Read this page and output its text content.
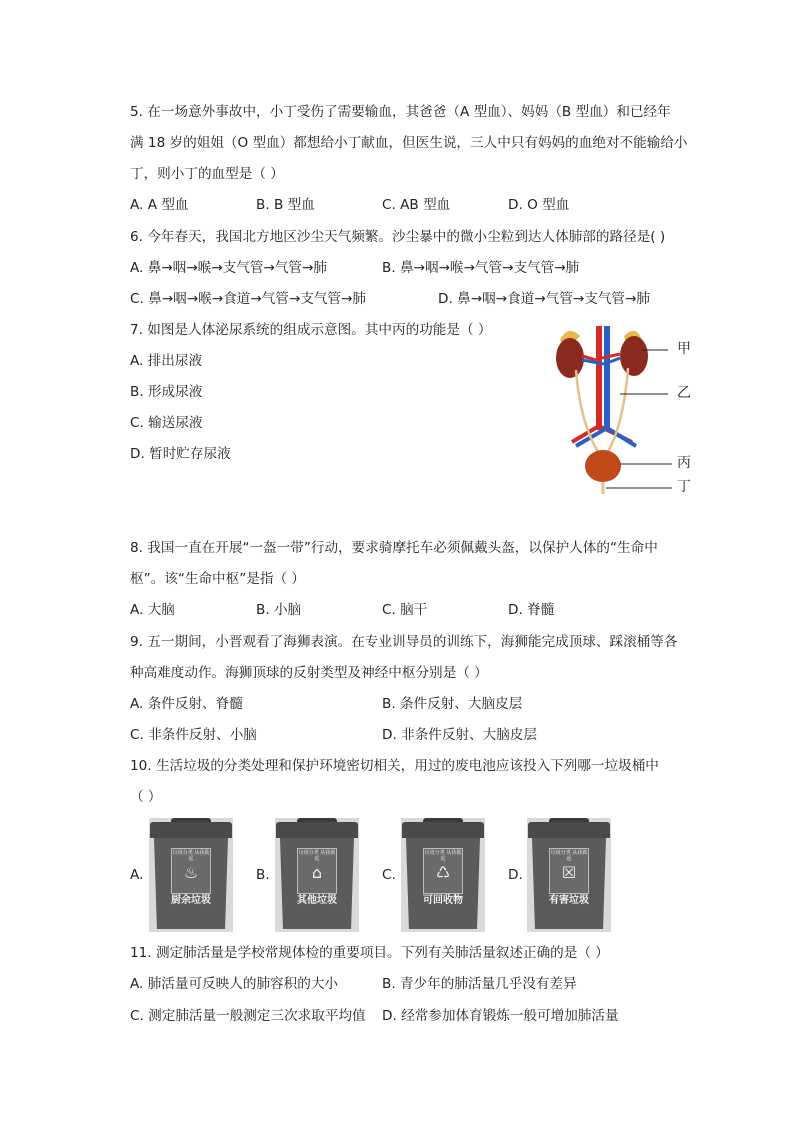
5. 在一场意外事故中，小丁受伤了需要输血，其爸爸（A 型血）、妈妈（B 型血）和已经年
满 18 岁的姐姐（O 型血）都想给小丁献血，但医生说，三人中只有妈妈的血绝对不能输给小
丁，则小丁的血型是（ ）
A. A 型血	B. B 型血	C. AB 型血	D. O 型血
6. 今年春天，我国北方地区沙尘天气频繁。沙尘暴中的微小尘粒到达人体肺部的路径是( )
A. 鼻→咽→喉→支气管→气管→肺	B. 鼻→咽→喉→气管→支气管→肺
C. 鼻→咽→喉→食道→气管→支气管→肺	D. 鼻→咽→食道→气管→支气管→肺
7. 如图是人体泌尿系统的组成示意图。其中丙的功能是（ ）
A. 排出尿液
B. 形成尿液
C. 输送尿液
D. 暂时贮存尿液
甲
乙
丙
丁
8. 我国一直在开展“一盔一带”行动，要求骑摩托车必须佩戴头盔，以保护人体的“生命中
枢”。该“生命中枢”是指（ ）
A. 大脑	B. 小脑	C. 脑干	D. 脊髓
9. 五一期间，小晋观看了海狮表演。在专业训导员的训练下，海狮能完成顶球、踩滚桶等各
种高难度动作。海狮顶球的反射类型及神经中枢分别是（ ）
A. 条件反射、脊髓	B. 条件反射、大脑皮层
C. 非条件反射、小脑	D. 非条件反射、大脑皮层
10. 生活垃圾的分类处理和保护环境密切相关，用过的废电池应该投入下列哪一垃圾桶中
（ ）
A.
垃圾分类 从我做起
♨
厨余垃圾
B.
垃圾分类 从我做起
⌂
其他垃圾
C.
垃圾分类 从我做起
♺
可回收物
D.
垃圾分类 从我做起
☒
有害垃圾
11. 测定肺活量是学校常规体检的重要项目。下列有关肺活量叙述正确的是（ ）
A. 肺活量可反映人的肺容积的大小	B. 青少年的肺活量几乎没有差异
C. 测定肺活量一般测定三次求取平均值 D. 经常参加体育锻炼一般可增加肺活量
